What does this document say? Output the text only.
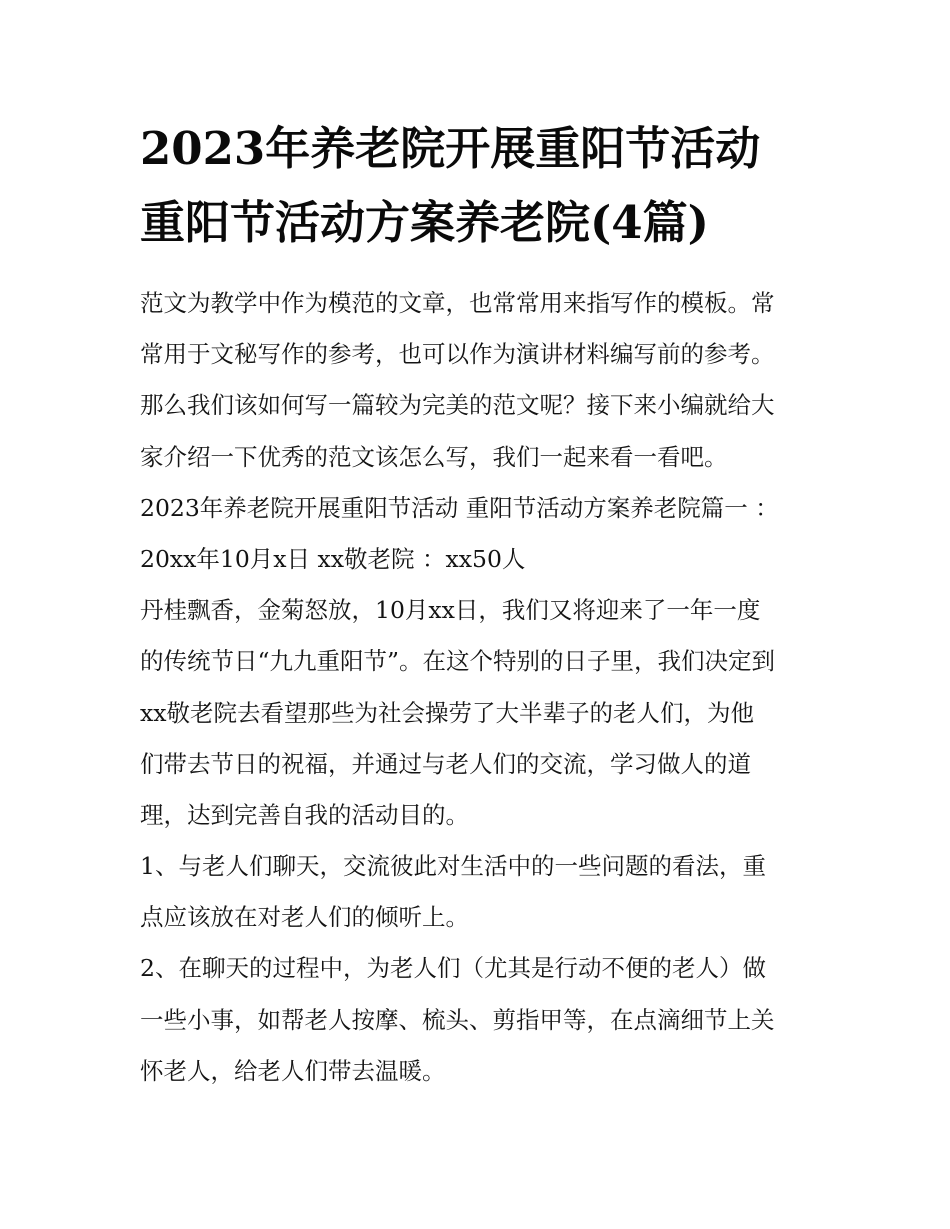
2023年养老院开展重阳节活动
重阳节活动方案养老院(4篇)
范文为教学中作为模范的文章，也常常用来指写作的模板。常
常用于文秘写作的参考，也可以作为演讲材料编写前的参考。
那么我们该如何写一篇较为完美的范文呢？接下来小编就给大
家介绍一下优秀的范文该怎么写，我们一起来看一看吧。
2023年养老院开展重阳节活动 重阳节活动方案养老院篇一 ：
20xx年10月x日 xx敬老院 ：xx50人
丹桂飘香，金菊怒放，10月xx日，我们又将迎来了一年一度
的传统节日“九九重阳节”。在这个特别的日子里，我们决定到
xx敬老院去看望那些为社会操劳了大半辈子的老人们，为他
们带去节日的祝福，并通过与老人们的交流，学习做人的道
理，达到完善自我的活动目的。
1、与老人们聊天，交流彼此对生活中的一些问题的看法，重
点应该放在对老人们的倾听上。
2、在聊天的过程中，为老人们（尤其是行动不便的老人）做
一些小事，如帮老人按摩、梳头、剪指甲等，在点滴细节上关
怀老人，给老人们带去温暖。
